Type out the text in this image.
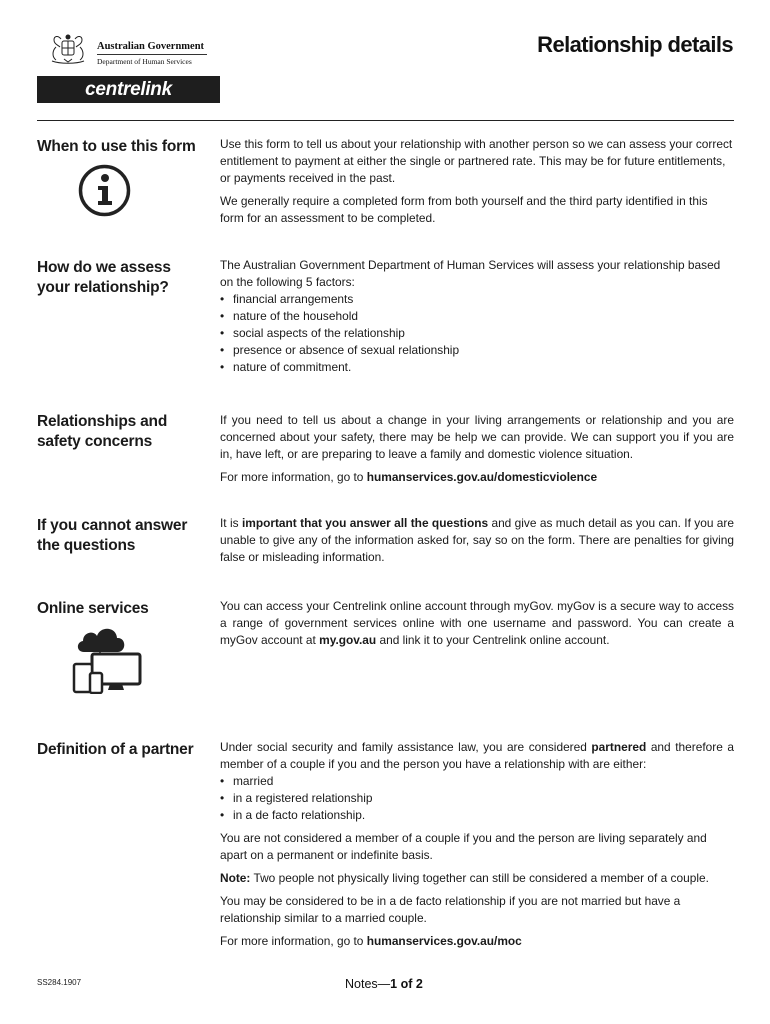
Australian Government
Department of Human Services
centrelink
Relationship details
When to use this form	Use this form to tell us about your relationship with another person so we can assess your correct entitlement to payment at either the single or partnered rate. This may be for future entitlements, or payments received in the past.

We generally require a completed form from both yourself and the third party identified in this form for an assessment to be completed.

How do we assess your relationship?

The Australian Government Department of Human Services will assess your relationship based on the following 5 factors:

• financial arrangements
• nature of the household
• social aspects of the relationship
• presence or absence of sexual relationship
• nature of commitment.
Relationships and safety concerns

If you need to tell us about a change in your living arrangements or relationship and you are concerned about your safety, there may be help we can provide. We can support you if you are in, have left, or are preparing to leave a family and domestic violence situation.

For more information, go to humanservices.gov.au/domesticviolence

If you cannot answer the questions

It is important that you answer all the questions and give as much detail as you can. If you are unable to give any of the information asked for, say so on the form. There are penalties for giving false or misleading information.

Online services	You can access your Centrelink online account through myGov. myGov is a secure way to access a range of government services online with one username and password. You can create a myGov account at my.gov.au and link it to your Centrelink online account.

Definition of a partner	Under social security and family assistance law, you are considered partnered and therefore a member of a couple if you and the person you have a relationship with are either:

• married
• in a registered relationship
• in a de facto relationship.

You are not considered a member of a couple if you and the person are living separately and apart on a permanent or indefinite basis.

Note: Two people not physically living together can still be considered a member of a couple.

You may be considered to be in a de facto relationship if you are not married but have a relationship similar to a married couple.

For more information, go to humanservices.gov.au/moc

SS284.1907	Notes—1 of 2
